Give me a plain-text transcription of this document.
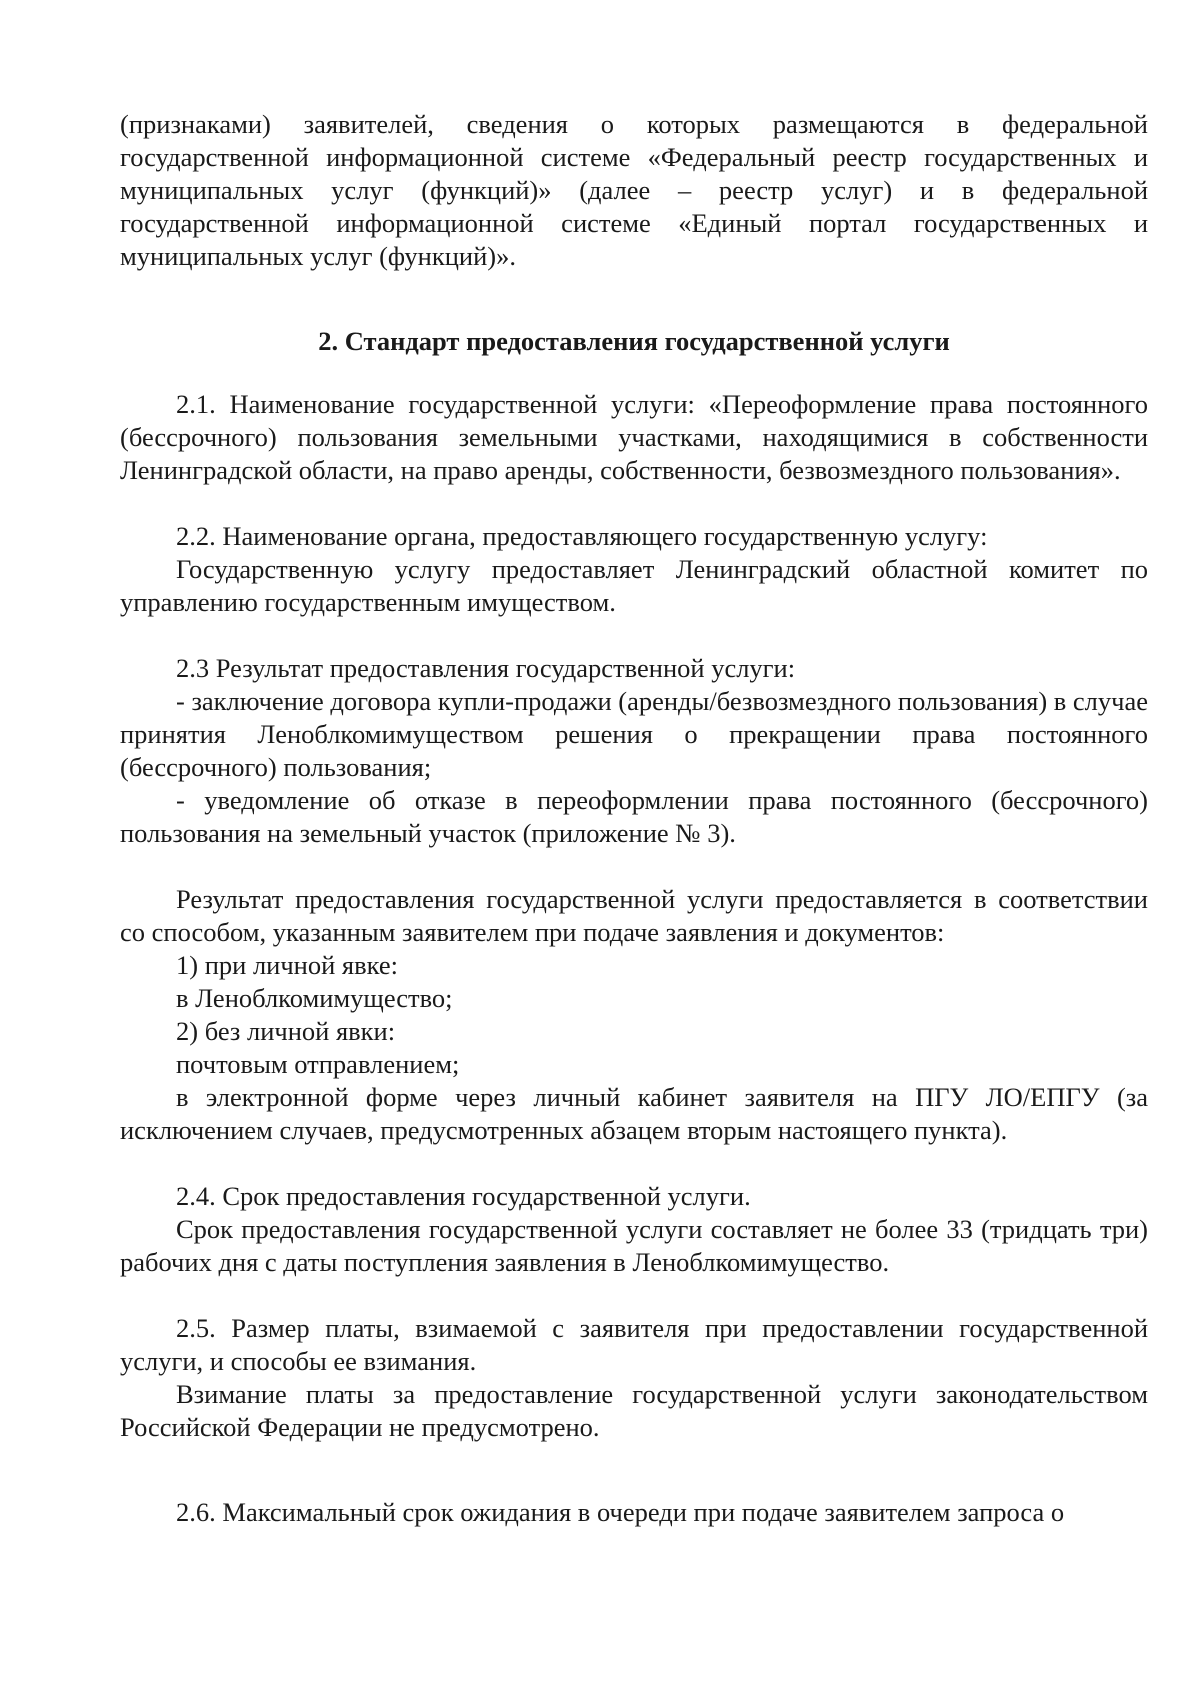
(признаками) заявителей, сведения о которых размещаются в федеральной государственной информационной системе «Федеральный реестр государственных и муниципальных услуг (функций)» (далее – реестр услуг) и в федеральной государственной информационной системе «Единый портал государственных и муниципальных услуг (функций)».

2. Стандарт предоставления государственной услуги

2.1. Наименование государственной услуги: «Переоформление права постоянного (бессрочного) пользования земельными участками, находящимися в собственности Ленинградской области, на право аренды, собственности, безвозмездного пользования».

2.2. Наименование органа, предоставляющего государственную услугу:

Государственную услугу предоставляет Ленинградский областной комитет по управлению государственным имуществом.

2.3 Результат предоставления государственной услуги:

- заключение договора купли-продажи (аренды/безвозмездного пользования) в случае принятия Леноблкомимуществом решения о прекращении права постоянного (бессрочного) пользования;

- уведомление об отказе в переоформлении права постоянного (бессрочного) пользования на земельный участок (приложение № 3).

Результат предоставления государственной услуги предоставляется в соответствии со способом, указанным заявителем при подаче заявления и документов:

1) при личной явке:

в Леноблкомимущество;

2) без личной явки:

почтовым отправлением;

в электронной форме через личный кабинет заявителя на ПГУ ЛО/ЕПГУ (за исключением случаев, предусмотренных абзацем вторым настоящего пункта).

2.4. Срок предоставления государственной услуги.

Срок предоставления государственной услуги составляет не более 33 (тридцать три) рабочих дня с даты поступления заявления в Леноблкомимущество.

2.5. Размер платы, взимаемой с заявителя при предоставлении государственной услуги, и способы ее взимания.

Взимание платы за предоставление государственной услуги законодательством Российской Федерации не предусмотрено.

2.6. Максимальный срок ожидания в очереди при подаче заявителем запроса о
